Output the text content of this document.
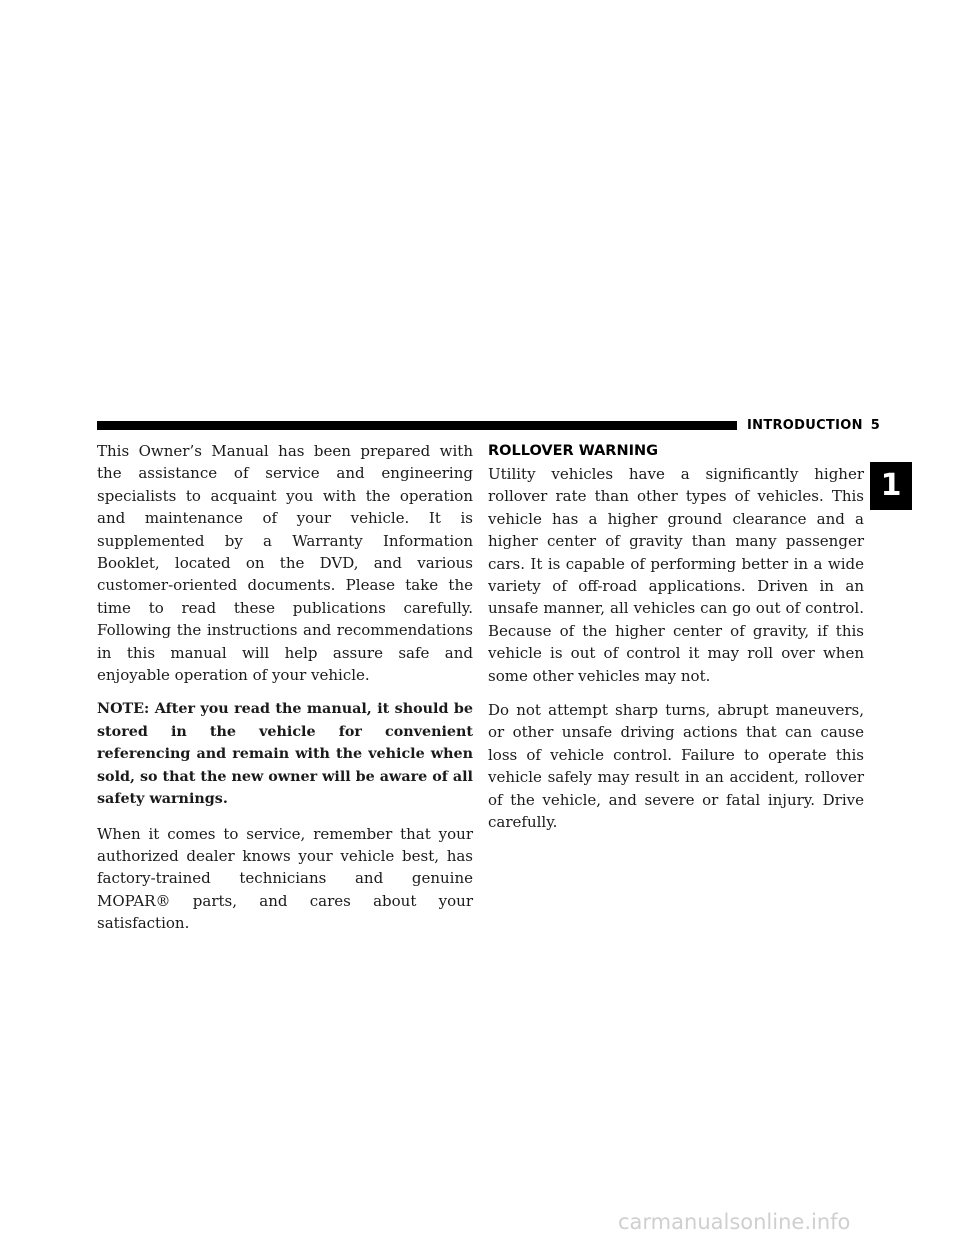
INTRODUCTION 5
1

This Owner’s Manual has been prepared with the assistance of service and engineering specialists to acquaint you with the operation and maintenance of your vehicle. It is supplemented by a Warranty Information Booklet, located on the DVD, and various customer-oriented documents. Please take the time to read these publications carefully. Following the instructions and recommendations in this manual will help assure safe and enjoyable operation of your vehicle.

NOTE: After you read the manual, it should be stored in the vehicle for convenient referencing and remain with the vehicle when sold, so that the new owner will be aware of all safety warnings.

When it comes to service, remember that your authorized dealer knows your vehicle best, has factory-trained technicians and genuine MOPAR® parts, and cares about your satisfaction.

ROLLOVER WARNING

Utility vehicles have a significantly higher rollover rate than other types of vehicles. This vehicle has a higher ground clearance and a higher center of gravity than many passenger cars. It is capable of performing better in a wide variety of off-road applications. Driven in an unsafe manner, all vehicles can go out of control. Because of the higher center of gravity, if this vehicle is out of control it may roll over when some other vehicles may not.

Do not attempt sharp turns, abrupt maneuvers, or other unsafe driving actions that can cause loss of vehicle control. Failure to operate this vehicle safely may result in an accident, rollover of the vehicle, and severe or fatal injury. Drive carefully.

carmanualsonline.info
